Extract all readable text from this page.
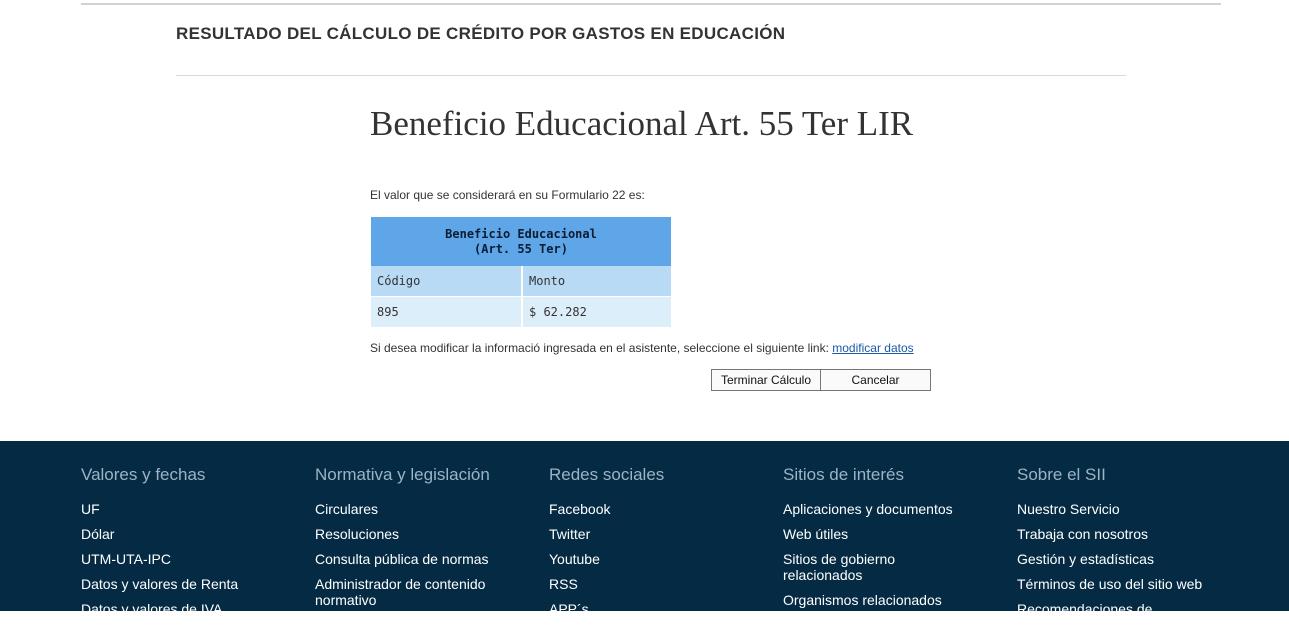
RESULTADO DEL CÁLCULO DE CRÉDITO POR GASTOS EN EDUCACIÓN
Beneficio Educacional Art. 55 Ter LIR
El valor que se considerará en su Formulario 22 es:
Beneficio Educacional
(Art. 55 Ter)	
Código	Monto
895	$ 62.282
Si desea modificar la informació ingresada en el asistente, seleccione el siguiente link: modificar datos
Terminar Cálculo	Cancelar
Valores y fechas
UF
Dólar
UTM-UTA-IPC
Datos y valores de Renta
Datos y valores de IVA
Normativa y legislación
Circulares
Resoluciones
Consulta pública de normas
Administrador de contenido normativo
Redes sociales
Facebook
Twitter
Youtube
RSS
APP´s
Sitios de interés
Aplicaciones y documentos
Web útiles
Sitios de gobierno relacionados
Organismos relacionados
Intercambios de Información -
Sobre el SII
Nuestro Servicio
Trabaja con nosotros
Gestión y estadísticas
Términos de uso del sitio web
Recomendaciones de seguridad
